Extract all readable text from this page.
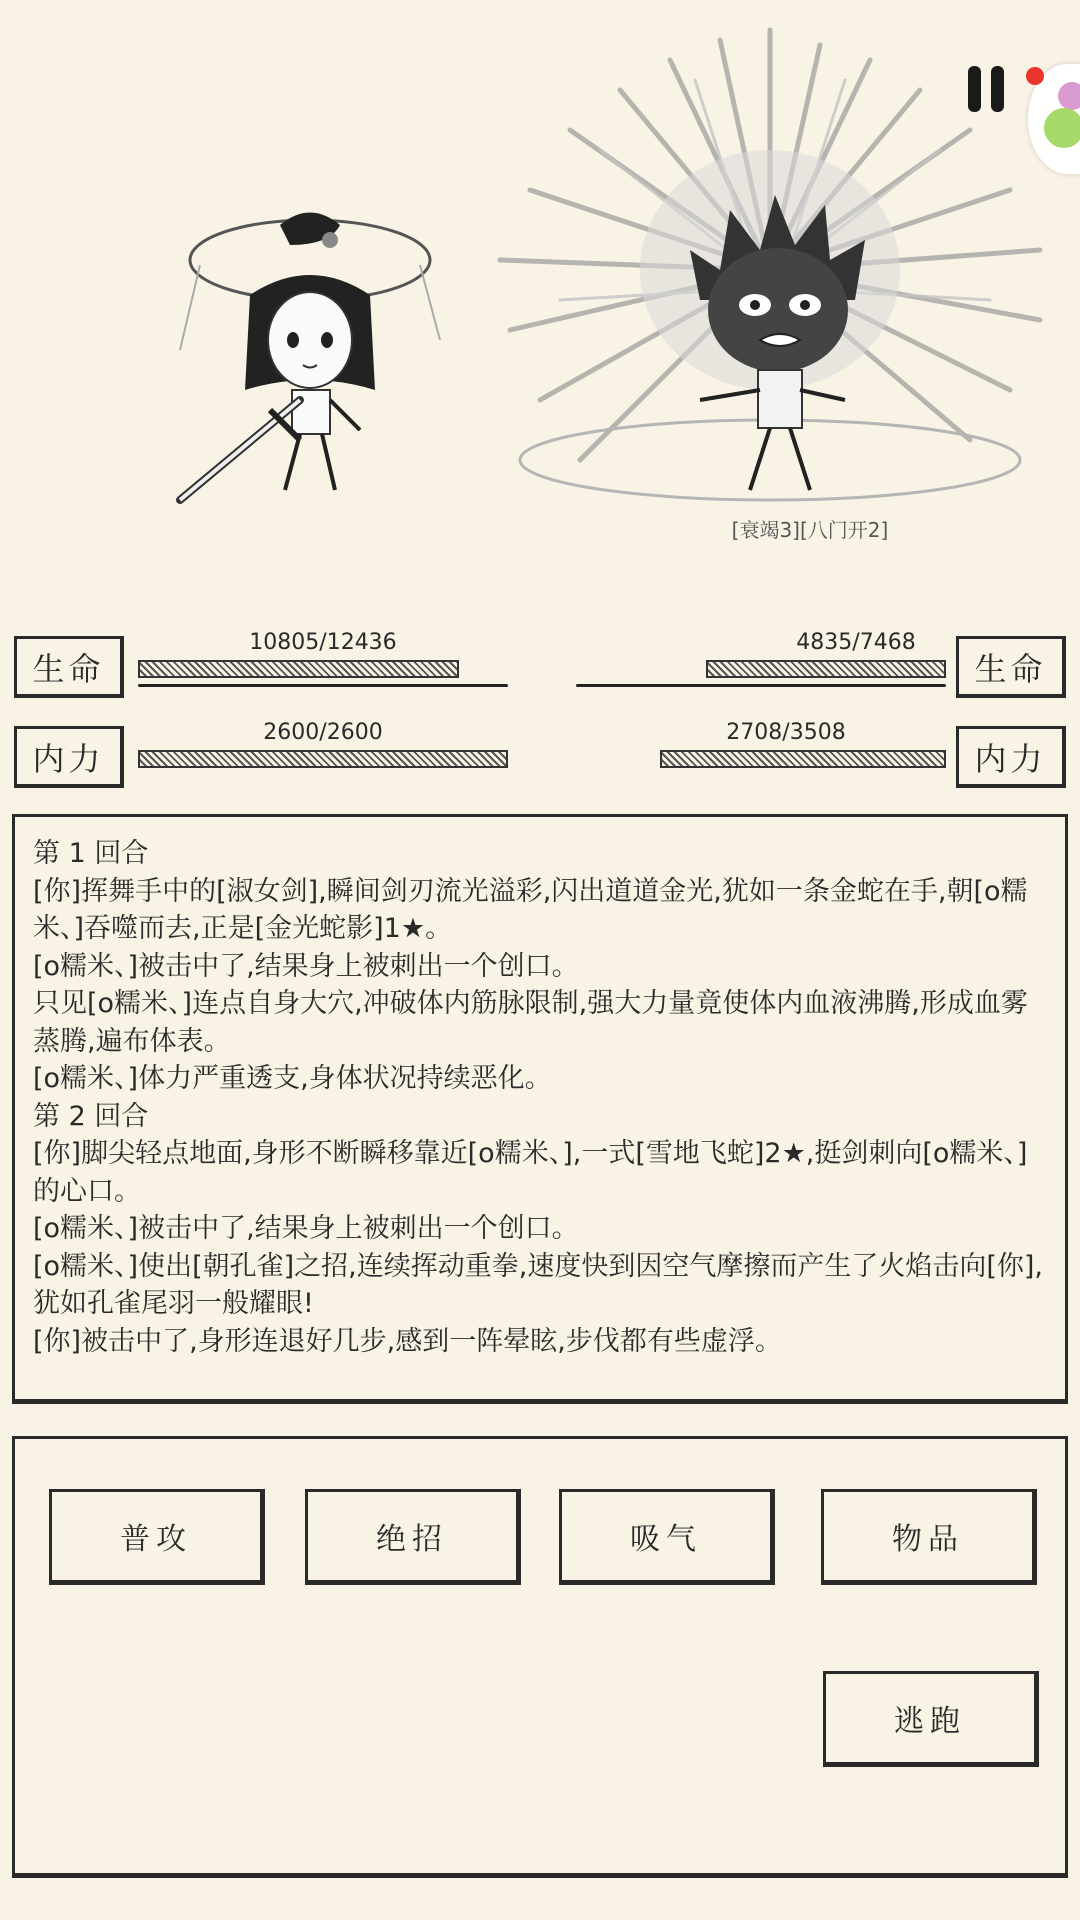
[衰竭3][八门开2]
生命
10805/12436
内力
2600/2600
生命
4835/7468
内力
2708/3508

第 1 回合

[你]挥舞手中的[淑女剑],瞬间剑刃流光溢彩,闪出道道金光,犹如一条金蛇在手,朝[o糯米、]吞噬而去,正是[金光蛇影]1★。

[o糯米、]被击中了,结果身上被刺出一个创口。

只见[o糯米、]连点自身大穴,冲破体内筋脉限制,强大力量竟使体内血液沸腾,形成血雾蒸腾,遍布体表。

[o糯米、]体力严重透支,身体状况持续恶化。

第 2 回合

[你]脚尖轻点地面,身形不断瞬移靠近[o糯米、],一式[雪地飞蛇]2★,挺剑刺向[o糯米、]的心口。

[o糯米、]被击中了,结果身上被刺出一个创口。

[o糯米、]使出[朝孔雀]之招,连续挥动重拳,速度快到因空气摩擦而产生了火焰击向[你],犹如孔雀尾羽一般耀眼!

[你]被击中了,身形连退好几步,感到一阵晕眩,步伐都有些虚浮。

普攻	绝招	吸气	物品
逃跑
